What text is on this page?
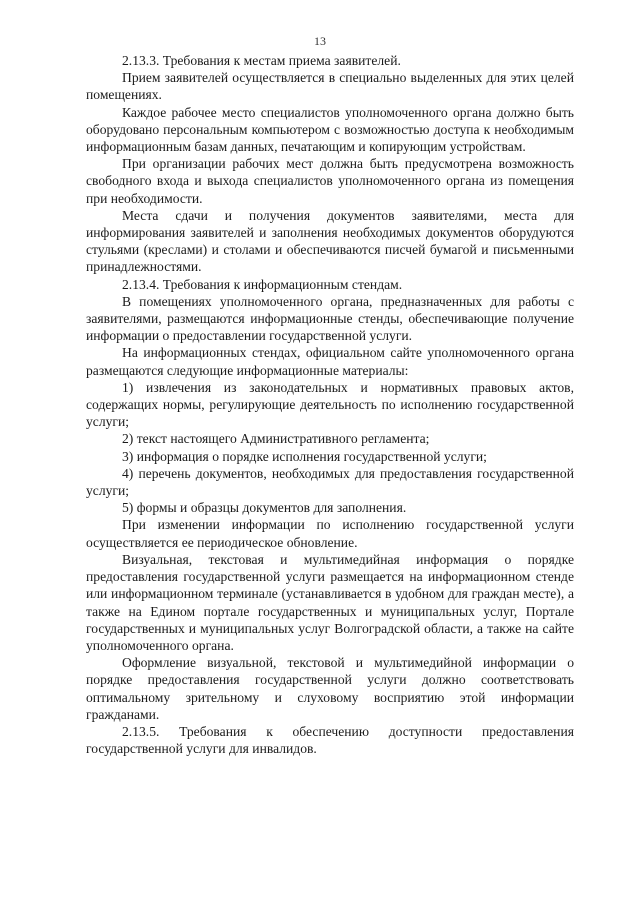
13

2.13.3. Требования к местам приема заявителей.

Прием заявителей осуществляется в специально выделенных для этих целей помещениях.

Каждое рабочее место специалистов уполномоченного органа должно быть оборудовано персональным компьютером с возможностью доступа к необходимым информационным базам данных, печатающим и копирующим устройствам.

При организации рабочих мест должна быть предусмотрена возможность свободного входа и выхода специалистов уполномоченного органа из помещения при необходимости.

Места сдачи и получения документов заявителями, места для информирования заявителей и заполнения необходимых документов оборудуются стульями (креслами) и столами и обеспечиваются писчей бумагой и письменными принадлежностями.

2.13.4. Требования к информационным стендам.

В помещениях уполномоченного органа, предназначенных для работы с заявителями, размещаются информационные стенды, обеспечивающие получение информации о предоставлении государственной услуги.

На информационных стендах, официальном сайте уполномоченного органа размещаются следующие информационные материалы:

1) извлечения из законодательных и нормативных правовых актов, содержащих нормы, регулирующие деятельность по исполнению государственной услуги;

2) текст настоящего Административного регламента;

3) информация о порядке исполнения государственной услуги;

4) перечень документов, необходимых для предоставления государственной услуги;

5) формы и образцы документов для заполнения.

При изменении информации по исполнению государственной услуги осуществляется ее периодическое обновление.

Визуальная, текстовая и мультимедийная информация о порядке предоставления государственной услуги размещается на информационном стенде или информационном терминале (устанавливается в удобном для граждан месте), а также на Едином портале государственных и муниципальных услуг, Портале государственных и муниципальных услуг Волгоградской области, а также на сайте уполномоченного органа.

Оформление визуальной, текстовой и мультимедийной информации о порядке предоставления государственной услуги должно соответствовать оптимальному зрительному и слуховому восприятию этой информации гражданами.

2.13.5. Требования к обеспечению доступности предоставления государственной услуги для инвалидов.
